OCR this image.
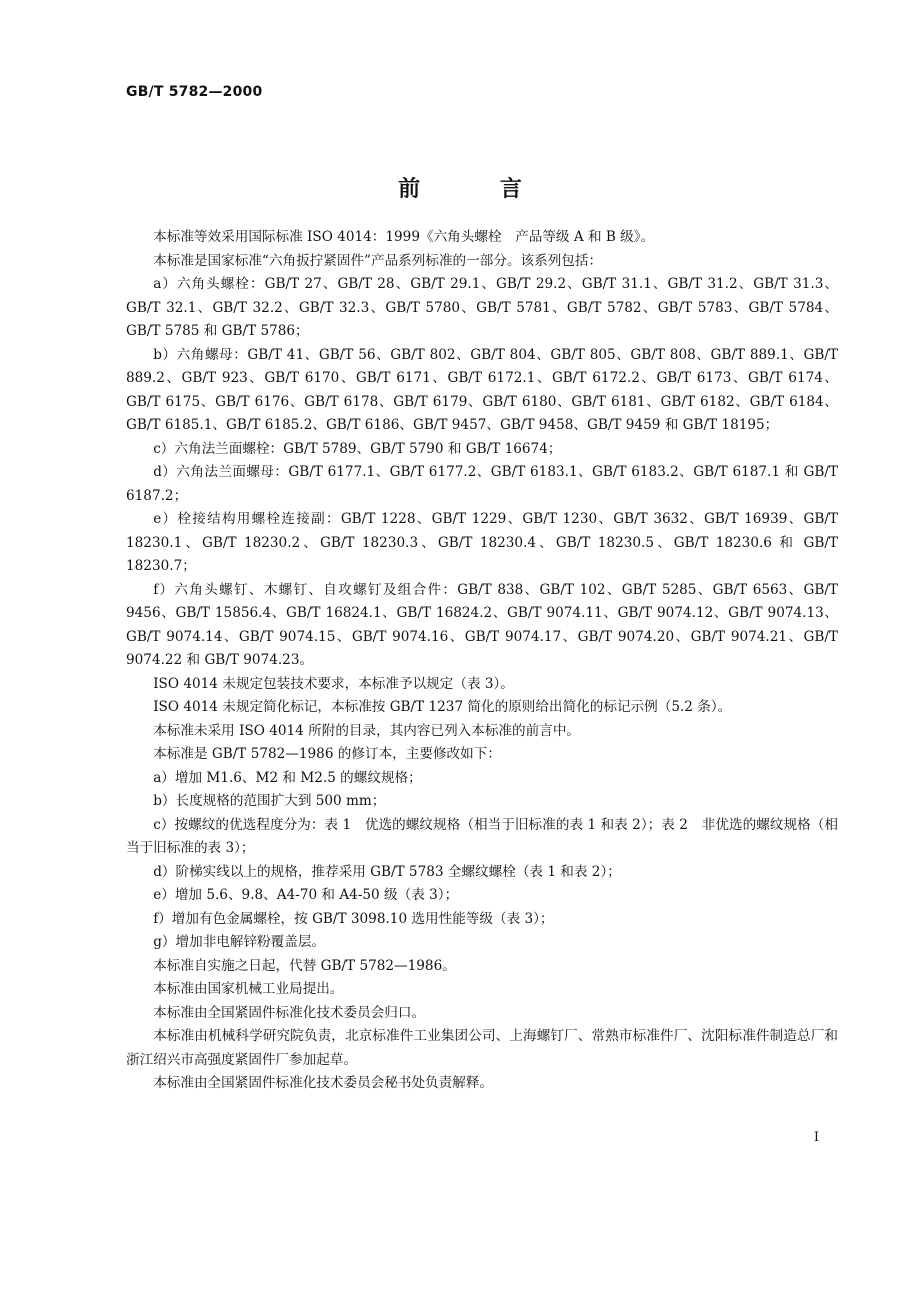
GB/T 5782—2000
前 言

本标准等效采用国际标准 ISO 4014：1999《六角头螺栓　产品等级 A 和 B 级》。

本标准是国家标准“六角扳拧紧固件”产品系列标准的一部分。该系列包括：

a）六角头螺栓：GB/T 27、GB/T 28、GB/T 29.1、GB/T 29.2、GB/T 31.1、GB/T 31.2、GB/T 31.3、GB/T 32.1、GB/T 32.2、GB/T 32.3、GB/T 5780、GB/T 5781、GB/T 5782、GB/T 5783、GB/T 5784、GB/T 5785 和 GB/T 5786；

b）六角螺母：GB/T 41、GB/T 56、GB/T 802、GB/T 804、GB/T 805、GB/T 808、GB/T 889.1、GB/T 889.2、GB/T 923、GB/T 6170、GB/T 6171、GB/T 6172.1、GB/T 6172.2、GB/T 6173、GB/T 6174、GB/T 6175、GB/T 6176、GB/T 6178、GB/T 6179、GB/T 6180、GB/T 6181、GB/T 6182、GB/T 6184、GB/T 6185.1、GB/T 6185.2、GB/T 6186、GB/T 9457、GB/T 9458、GB/T 9459 和 GB/T 18195；

c）六角法兰面螺栓：GB/T 5789、GB/T 5790 和 GB/T 16674；

d）六角法兰面螺母：GB/T 6177.1、GB/T 6177.2、GB/T 6183.1、GB/T 6183.2、GB/T 6187.1 和 GB/T 6187.2；

e）栓接结构用螺栓连接副：GB/T 1228、GB/T 1229、GB/T 1230、GB/T 3632、GB/T 16939、GB/T 18230.1、GB/T 18230.2、GB/T 18230.3、GB/T 18230.4、GB/T 18230.5、GB/T 18230.6 和 GB/T 18230.7；

f）六角头螺钉、木螺钉、自攻螺钉及组合件：GB/T 838、GB/T 102、GB/T 5285、GB/T 6563、GB/T 9456、GB/T 15856.4、GB/T 16824.1、GB/T 16824.2、GB/T 9074.11、GB/T 9074.12、GB/T 9074.13、GB/T 9074.14、GB/T 9074.15、GB/T 9074.16、GB/T 9074.17、GB/T 9074.20、GB/T 9074.21、GB/T 9074.22 和 GB/T 9074.23。

ISO 4014 未规定包装技术要求，本标准予以规定（表 3）。

ISO 4014 未规定简化标记，本标准按 GB/T 1237 简化的原则给出简化的标记示例（5.2 条）。

本标准未采用 ISO 4014 所附的目录，其内容已列入本标准的前言中。

本标准是 GB/T 5782—1986 的修订本，主要修改如下：

a）增加 M1.6、M2 和 M2.5 的螺纹规格；

b）长度规格的范围扩大到 500 mm；

c）按螺纹的优选程度分为：表 1　优选的螺纹规格（相当于旧标准的表 1 和表 2）；表 2　非优选的螺纹规格（相当于旧标准的表 3）；

d）阶梯实线以上的规格，推荐采用 GB/T 5783 全螺纹螺栓（表 1 和表 2）；

e）增加 5.6、9.8、A4-70 和 A4-50 级（表 3）；

f）增加有色金属螺栓，按 GB/T 3098.10 选用性能等级（表 3）；

g）增加非电解锌粉覆盖层。

本标准自实施之日起，代替 GB/T 5782—1986。

本标准由国家机械工业局提出。

本标准由全国紧固件标准化技术委员会归口。

本标准由机械科学研究院负责，北京标准件工业集团公司、上海螺钉厂、常熟市标准件厂、沈阳标准件制造总厂和浙江绍兴市高强度紧固件厂参加起草。

本标准由全国紧固件标准化技术委员会秘书处负责解释。

I
